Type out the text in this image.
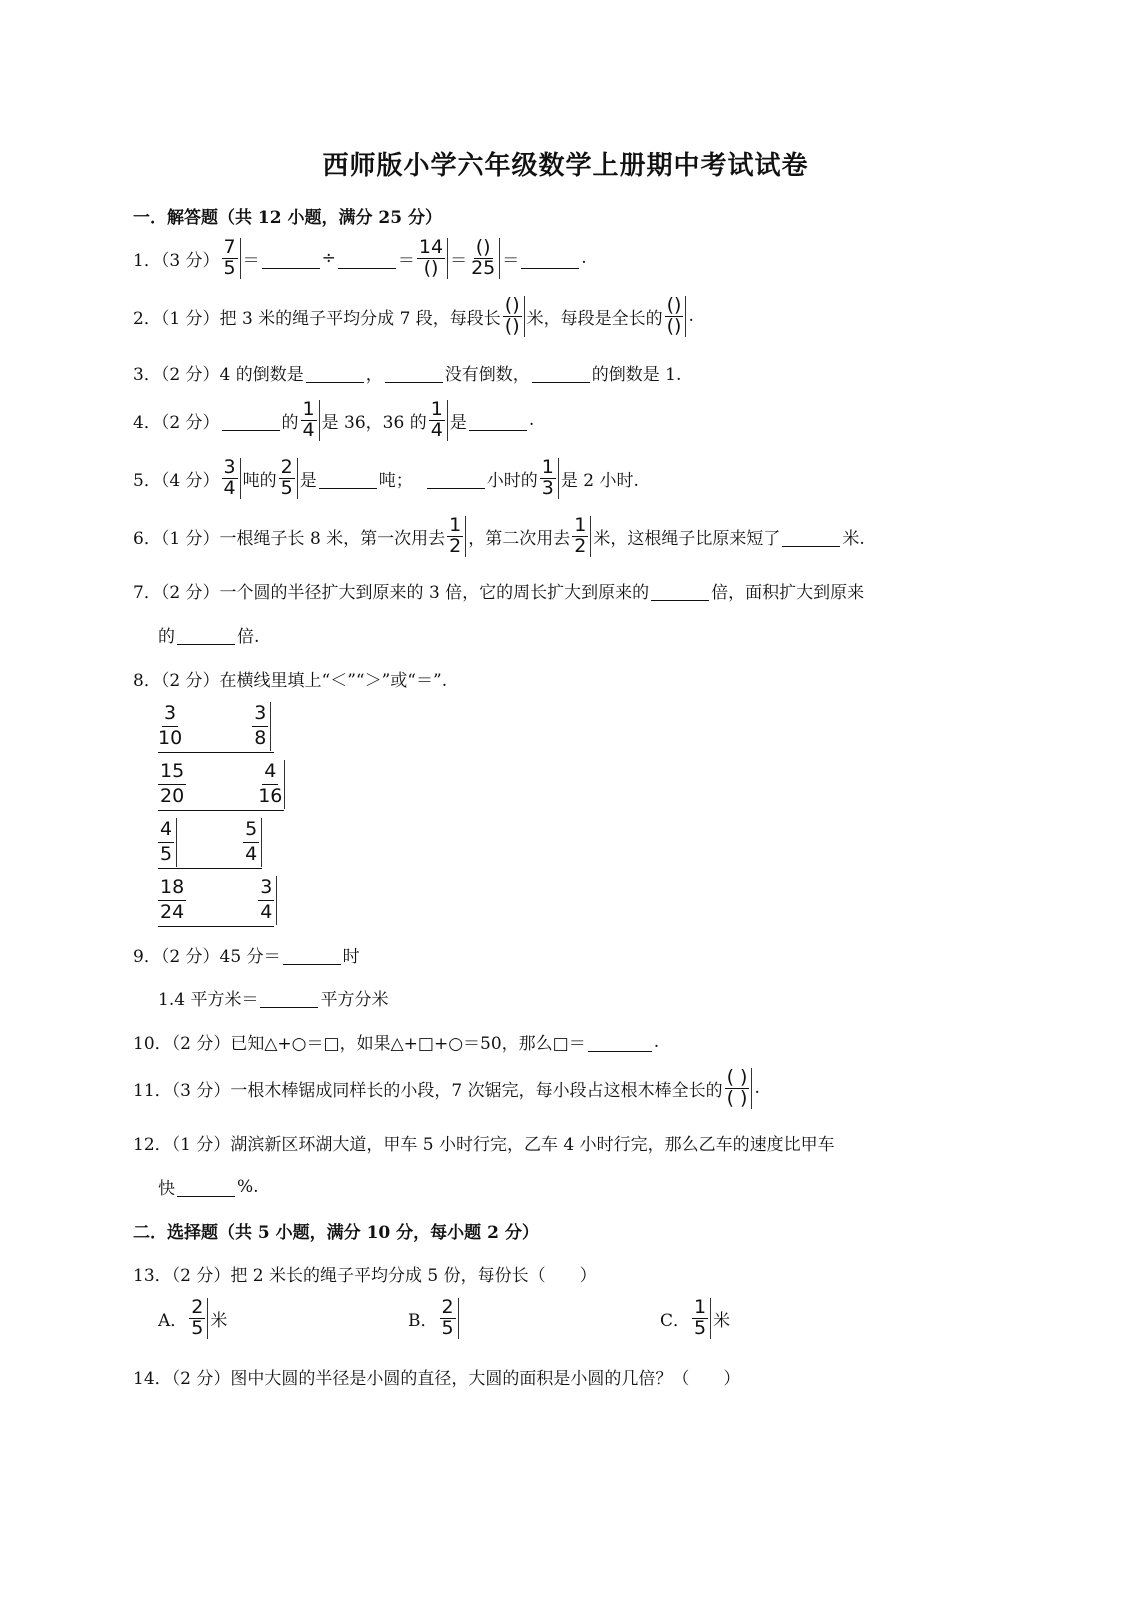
西师版小学六年级数学上册期中考试试卷
一．解答题（共 12 小题，满分 25 分）
1．（3 分） $\frac{7}{5}$ ＝	÷	＝ $\frac{14}{()} = \frac{()}{25}$ ＝	.
2．（1 分） 把 3 米的绳子平均分成 7 段，每段长 $\frac{()}{()}$ 米，每段是全长的 $\frac{()}{()}$ .
3．（2 分） 4 的倒数是	，	没有倒数，	的倒数是 1.
4．（2 分）	的 $\frac{1}{4}$ 是 36，36 的 $\frac{1}{4}$ 是	.
5．（4 分） $\frac{3}{4}$ 吨的 $\frac{2}{5}$ 是	吨；	小时的 $\frac{1}{3}$ 是 2 小时.
6．（1 分） 一根绳子长 8 米，第一次用去 $\frac{1}{2}$ ，第二次用去 $\frac{1}{2}$ 米，这根绳子比原来短了	米.
7．（2 分） 一个圆的半径扩大到原来的 3 倍，它的周长扩大到原来的	倍，面积扩大到原来
的	倍.
8．（2 分） 在横线里填上“＜”“＞”或“＝”.
$\frac{3}{10}$	$\frac{3}{8}$
$\frac{15}{20}$	$\frac{4}{16}$
$\frac{4}{5}$	$\frac{5}{4}$
$\frac{18}{24}$	$\frac{3}{4}$
9．（2 分） 45 分＝	时
1.4 平方米＝	平方分米
10．（2 分） 已知△+○＝□，如果△+□+○＝50，那么□＝	.
11．（3 分） 一根木棒锯成同样长的小段，7 次锯完，每小段占这根木棒全长的 $\frac{( )}{( )}$ .
12．（1 分） 湖滨新区环湖大道，甲车 5 小时行完，乙车 4 小时行完，那么乙车的速度比甲车
快	%.
二．选择题（共 5 小题，满分 10 分，每小题 2 分）
13．（2 分） 把 2 米长的绳子平均分成 5 份，每份长（　　）
A． $\frac{2}{5}$ 米	B． $\frac{2}{5}$	C． $\frac{1}{5}$ 米
14．（2 分） 图中大圆的半径是小圆的直径，大圆的面积是小圆的几倍？（　　）
